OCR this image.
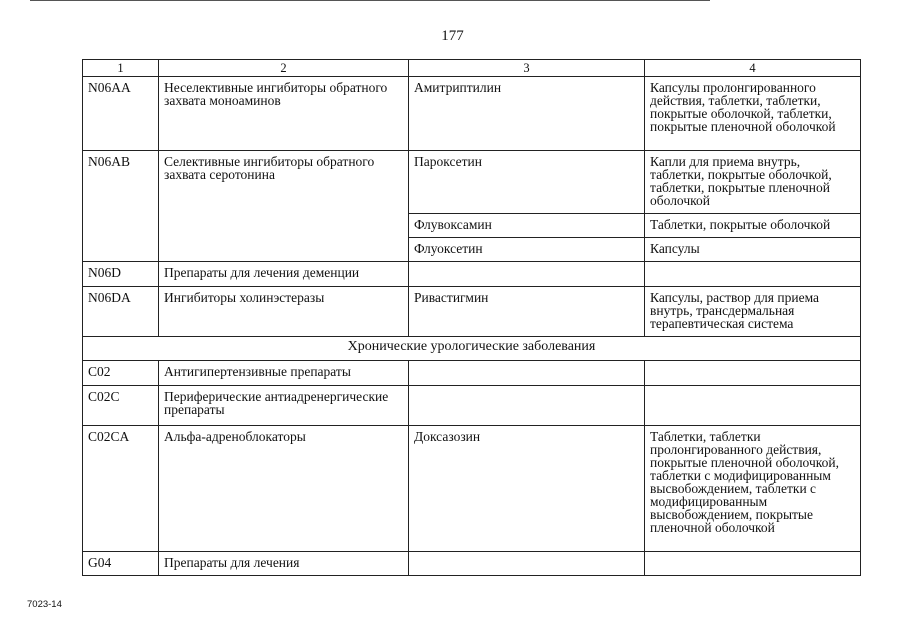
177
1	2	3	4
N06AA	Неселективные ингибиторы обратного захвата моноаминов	Амитриптилин	Капсулы пролонгированного действия, таблетки, таблетки, покрытые оболочкой, таблетки, покрытые пленочной оболочкой
N06AB	Селективные ингибиторы обратного захвата серотонина	Пароксетин	Капли для приема внутрь, таблетки, покрытые оболочкой, таблетки, покрытые пленочной оболочкой
		Флувоксамин	Таблетки, покрытые оболочкой
		Флуоксетин	Капсулы
N06D	Препараты для лечения деменции		
N06DA	Ингибиторы холинэстеразы	Ривастигмин	Капсулы, раствор для приема внутрь, трансдермальная терапевтическая система
Хронические урологические заболевания			
C02	Антигипертензивные препараты		
C02C	Периферические антиадренергические препараты		
C02CA	Альфа-адреноблокаторы	Доксазозин	Таблетки, таблетки пролонгированного действия, покрытые пленочной оболочкой, таблетки с модифицированным высвобождением, таблетки с модифицированным высвобождением, покрытые пленочной оболочкой
G04	Препараты для лечения		
7023-14
